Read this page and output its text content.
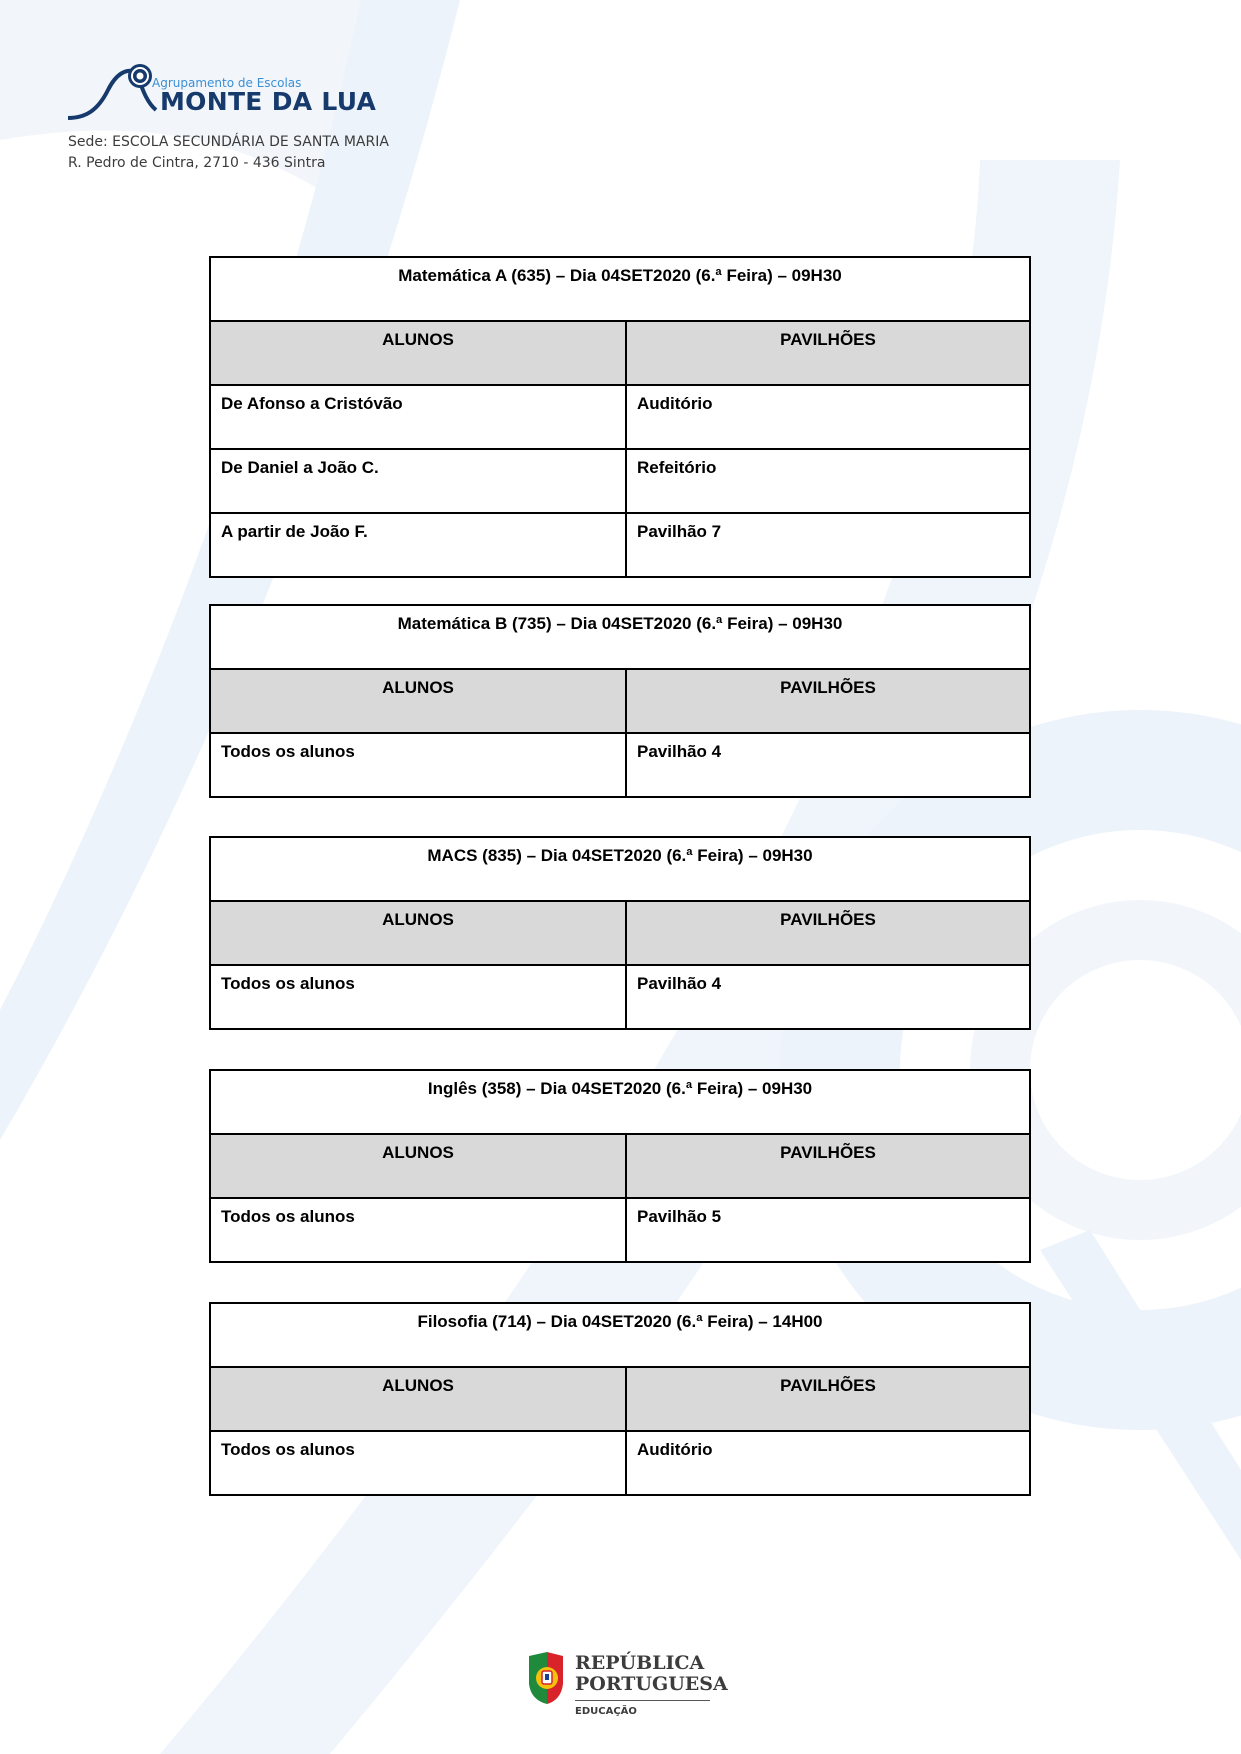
Agrupamento de Escolas
MONTE DA LUA
Sede: ESCOLA SECUNDÁRIA DE SANTA MARIA
R. Pedro de Cintra, 2710 - 436 Sintra
Matemática A (635) – Dia 04SET2020 (6.ª Feira) – 09H30	
ALUNOS	PAVILHÕES
De Afonso a Cristóvão	Auditório
De Daniel a João C.	Refeitório
A partir de João F.	Pavilhão 7
Matemática B (735) – Dia 04SET2020 (6.ª Feira) – 09H30	
ALUNOS	PAVILHÕES
Todos os alunos	Pavilhão 4
MACS (835) – Dia 04SET2020 (6.ª Feira) – 09H30	
ALUNOS	PAVILHÕES
Todos os alunos	Pavilhão 4
Inglês (358) – Dia 04SET2020 (6.ª Feira) – 09H30	
ALUNOS	PAVILHÕES
Todos os alunos	Pavilhão 5
Filosofia (714) – Dia 04SET2020 (6.ª Feira) – 14H00	
ALUNOS	PAVILHÕES
Todos os alunos	Auditório
REPÚBLICA
PORTUGUESA
EDUCAÇÃO
